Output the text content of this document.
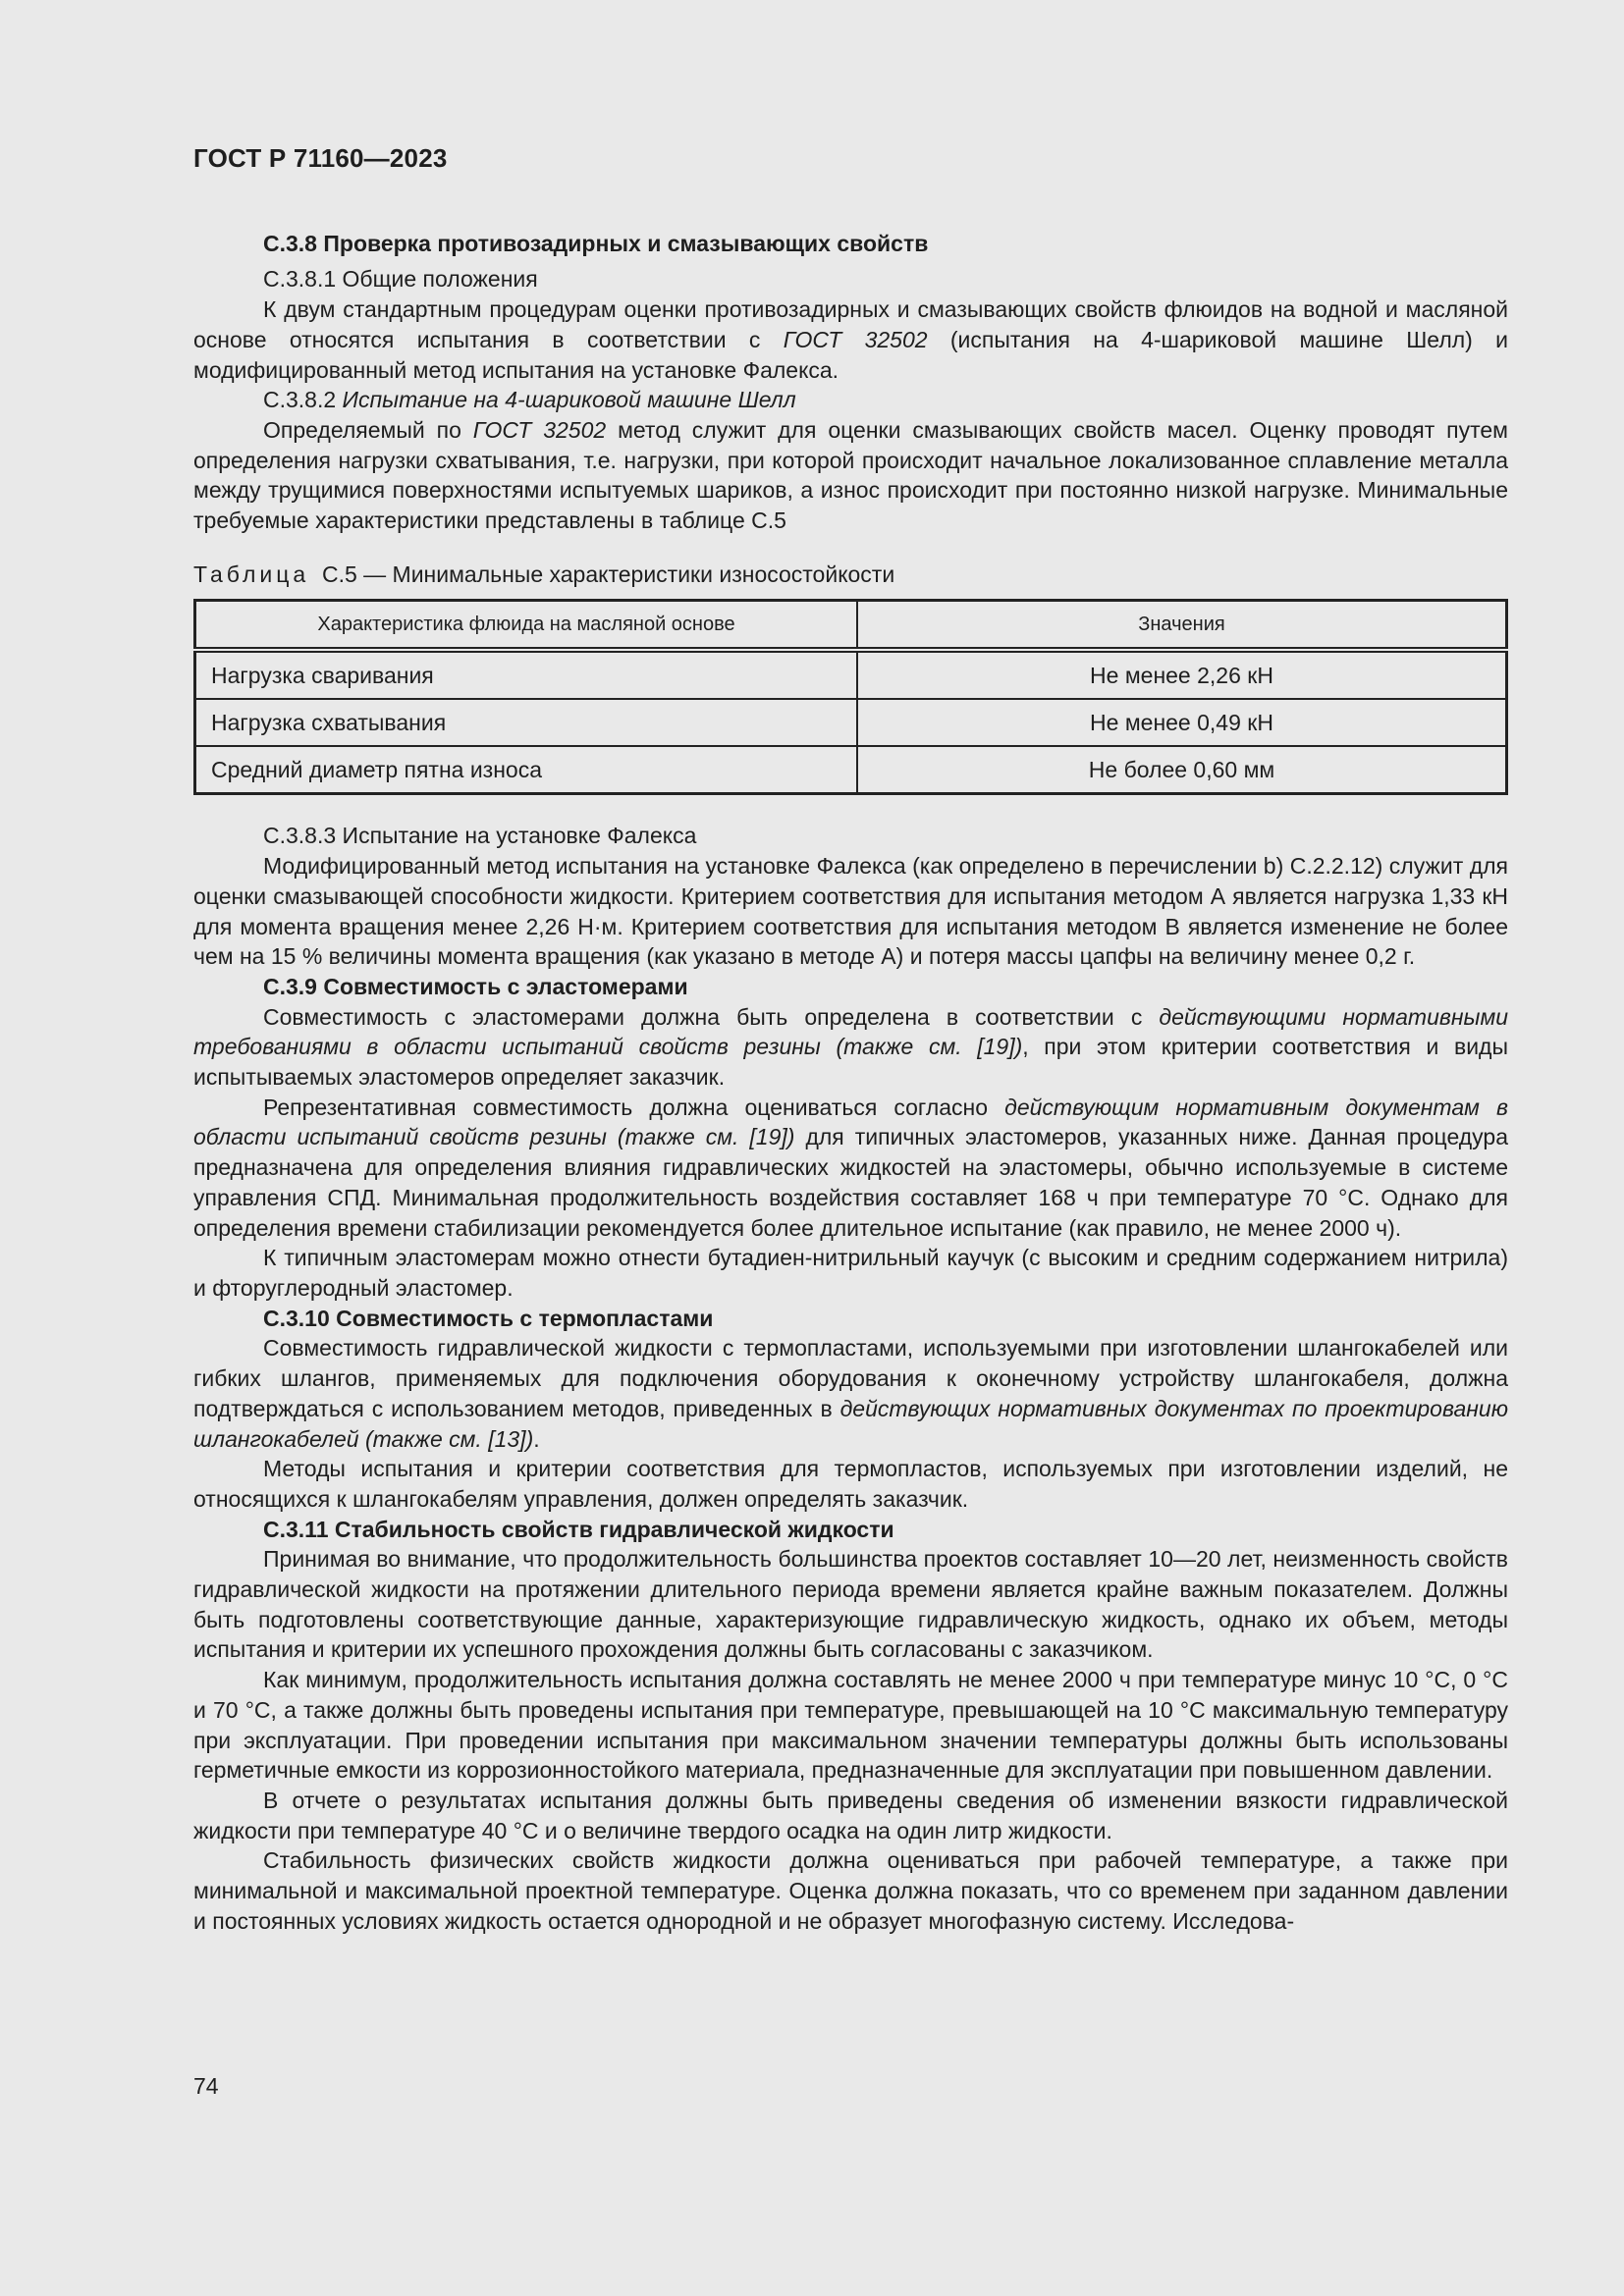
ГОСТ Р 71160—2023

С.3.8 Проверка противозадирных и смазывающих свойств

С.3.8.1 Общие положения

К двум стандартным процедурам оценки противозадирных и смазывающих свойств флюидов на водной и масляной основе относятся испытания в соответствии с ГОСТ 32502 (испытания на 4-шариковой машине Шелл) и модифицированный метод испытания на установке Фалекса.

С.3.8.2 Испытание на 4-шариковой машине Шелл

Определяемый по ГОСТ 32502 метод служит для оценки смазывающих свойств масел. Оценку проводят путем определения нагрузки схватывания, т.е. нагрузки, при которой происходит начальное локализованное сплавление металла между трущимися поверхностями испытуемых шариков, а износ происходит при постоянно низкой нагрузке. Минимальные требуемые характеристики представлены в таблице С.5

Таблица С.5 — Минимальные характеристики износостойкости

Характеристика флюида на масляной основе	Значения
Нагрузка сваривания	Не менее 2,26 кН
Нагрузка схватывания	Не менее 0,49 кН
Средний диаметр пятна износа	Не более 0,60 мм

С.3.8.3 Испытание на установке Фалекса

Модифицированный метод испытания на установке Фалекса (как определено в перечислении b) С.2.2.12) служит для оценки смазывающей способности жидкости. Критерием соответствия для испытания методом А является нагрузка 1,33 кН для момента вращения менее 2,26 Н·м. Критерием соответствия для испытания методом В является изменение не более чем на 15 % величины момента вращения (как указано в методе А) и потеря массы цапфы на величину менее 0,2 г.

С.3.9 Совместимость с эластомерами

Совместимость с эластомерами должна быть определена в соответствии с действующими нормативными требованиями в области испытаний свойств резины (также см. [19]), при этом критерии соответствия и виды испытываемых эластомеров определяет заказчик.

Репрезентативная совместимость должна оцениваться согласно действующим нормативным документам в области испытаний свойств резины (также см. [19]) для типичных эластомеров, указанных ниже. Данная процедура предназначена для определения влияния гидравлических жидкостей на эластомеры, обычно используемые в системе управления СПД. Минимальная продолжительность воздействия составляет 168 ч при температуре 70 °С. Однако для определения времени стабилизации рекомендуется более длительное испытание (как правило, не менее 2000 ч).

К типичным эластомерам можно отнести бутадиен-нитрильный каучук (с высоким и средним содержанием нитрила) и фторуглеродный эластомер.

С.3.10 Совместимость с термопластами

Совместимость гидравлической жидкости с термопластами, используемыми при изготовлении шлангокабелей или гибких шлангов, применяемых для подключения оборудования к оконечному устройству шлангокабеля, должна подтверждаться с использованием методов, приведенных в действующих нормативных документах по проектированию шлангокабелей (также см. [13]).

Методы испытания и критерии соответствия для термопластов, используемых при изготовлении изделий, не относящихся к шлангокабелям управления, должен определять заказчик.

С.3.11 Стабильность свойств гидравлической жидкости

Принимая во внимание, что продолжительность большинства проектов составляет 10—20 лет, неизменность свойств гидравлической жидкости на протяжении длительного периода времени является крайне важным показателем. Должны быть подготовлены соответствующие данные, характеризующие гидравлическую жидкость, однако их объем, методы испытания и критерии их успешного прохождения должны быть согласованы с заказчиком.

Как минимум, продолжительность испытания должна составлять не менее 2000 ч при температуре минус 10 °С, 0 °С и 70 °С, а также должны быть проведены испытания при температуре, превышающей на 10 °С максимальную температуру при эксплуатации. При проведении испытания при максимальном значении температуры должны быть использованы герметичные емкости из коррозионностойкого материала, предназначенные для эксплуатации при повышенном давлении.

В отчете о результатах испытания должны быть приведены сведения об изменении вязкости гидравлической жидкости при температуре 40 °С и о величине твердого осадка на один литр жидкости.

Стабильность физических свойств жидкости должна оцениваться при рабочей температуре, а также при минимальной и максимальной проектной температуре. Оценка должна показать, что со временем при заданном давлении и постоянных условиях жидкость остается однородной и не образует многофазную систему. Исследова-

74
